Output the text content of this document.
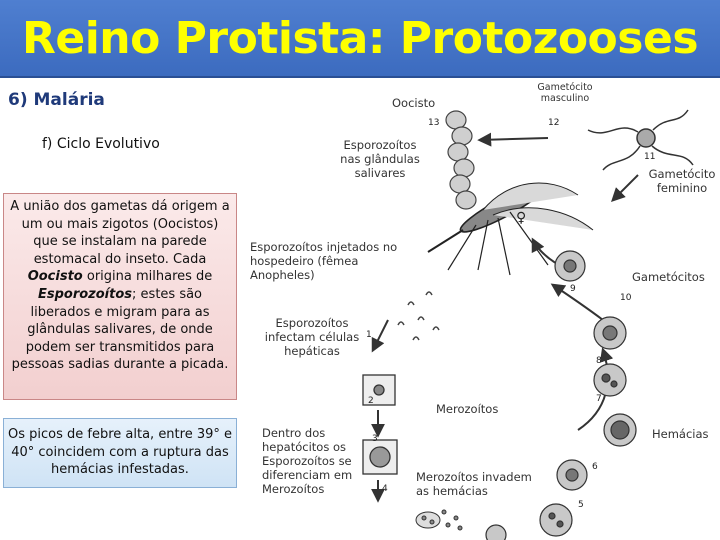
Reino Protista: Protozooses
6) Malária
f) Ciclo Evolutivo
A união dos gametas dá origem a um ou mais zigotos (Oocistos) que se instalam na parede estomacal do inseto. Cada Oocisto origina milhares de Esporozoítos; estes são liberados e migram para as glândulas salivares, de onde podem ser transmitidos para pessoas sadias durante a picada.
Os picos de febre alta, entre 39° e 40° coincidem com a ruptura das hemácias infestadas.
♀
Oocisto
Gametócito
masculino
Esporozoítos
nas glândulas
salivares	Gametócito
feminino
Esporozoítos injetados no
hospedeiro (fêmea
Anopheles)	Gametócitos
Esporozoítos
infectam células
hepáticas
Merozoítos
Hemácias
Dentro dos
hepatócitos os
Esporozoítos se
diferenciam em
Merozoítos
Merozoítos invadem
as hemácias
13	12
11
10
1
2
3
4
5
6
7
8
9
